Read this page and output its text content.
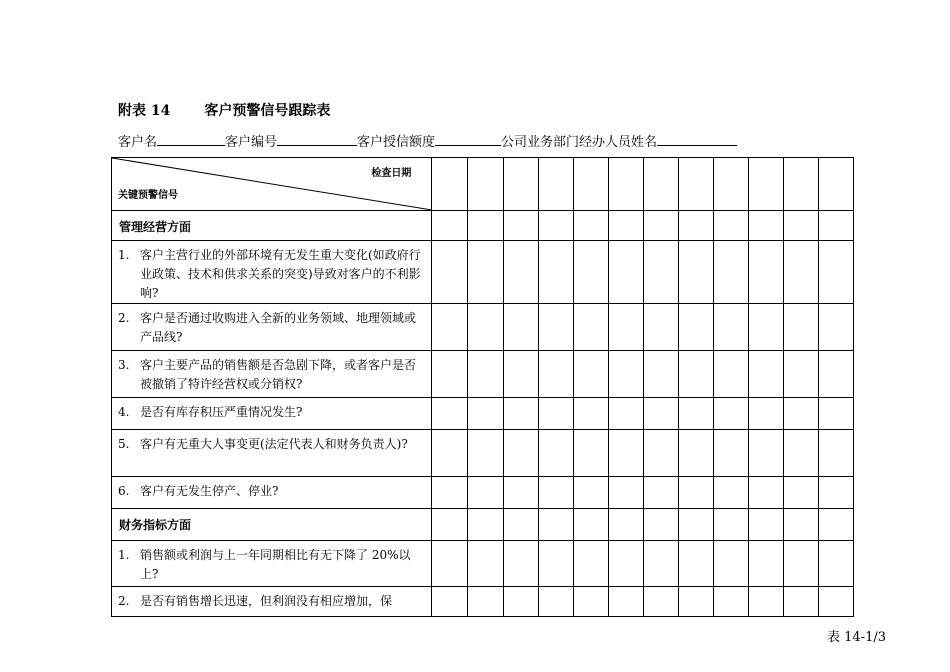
附表 14 客户预警信号跟踪表
客户名	客户编号	客户授信额度	公司业务部门经办人员姓名
检查日期
关键预警信号												

管理经营方面												

1. 客户主营行业的外部环境有无发生重大变化(如政府行业政策、技术和供求关系的突变)导致对客户的不利影响?												

2. 客户是否通过收购进入全新的业务领域、地理领域或产品线?												

3. 客户主要产品的销售额是否急剧下降，或者客户是否被撤销了特许经营权或分销权?												

4. 是否有库存积压严重情况发生?												

5. 客户有无重大人事变更(法定代表人和财务负责人)?												

6. 客户有无发生停产、停业?												

财务指标方面												

1. 销售额或利润与上一年同期相比有无下降了 20%以上?												

2. 是否有销售增长迅速，但利润没有相应增加，保												

表 14-1/3
